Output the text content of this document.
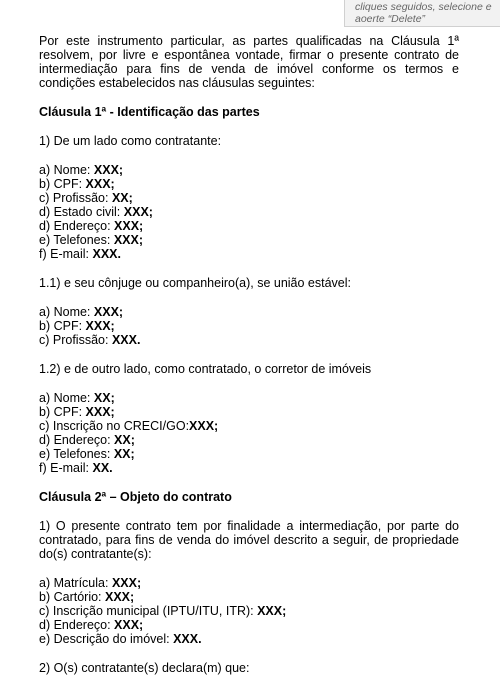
cliques seguidos, selecione e
aoerte “Delete”

Por este instrumento particular, as partes qualificadas na Cláusula 1ª resolvem, por livre e espontânea vontade, firmar o presente contrato de intermediação para fins de venda de imóvel conforme os termos e condições estabelecidos nas cláusulas seguintes:

Cláusula 1ª - Identificação das partes

1) De um lado como contratante:

a) Nome: XXX;
b) CPF: XXX;
c) Profissão: XX;
d) Estado civil: XXX;
d) Endereço: XXX;
e) Telefones: XXX;
f) E-mail: XXX.

1.1) e seu cônjuge ou companheiro(a), se união estável:

a) Nome: XXX;
b) CPF: XXX;
c) Profissão: XXX.

1.2) e de outro lado, como contratado, o corretor de imóveis

a) Nome: XX;
b) CPF: XXX;
c) Inscrição no CRECI/GO:XXX;
d) Endereço: XX;
e) Telefones: XX;
f) E-mail: XX.
Cláusula 2ª – Objeto do contrato

1) O presente contrato tem por finalidade a intermediação, por parte do contratado, para fins de venda do imóvel descrito a seguir, de propriedade do(s) contratante(s):

a) Matrícula: XXX;
b) Cartório: XXX;
c) Inscrição municipal (IPTU/ITU, ITR): XXX;
d) Endereço: XXX;
e) Descrição do imóvel: XXX.

2) O(s) contratante(s) declara(m) que:
